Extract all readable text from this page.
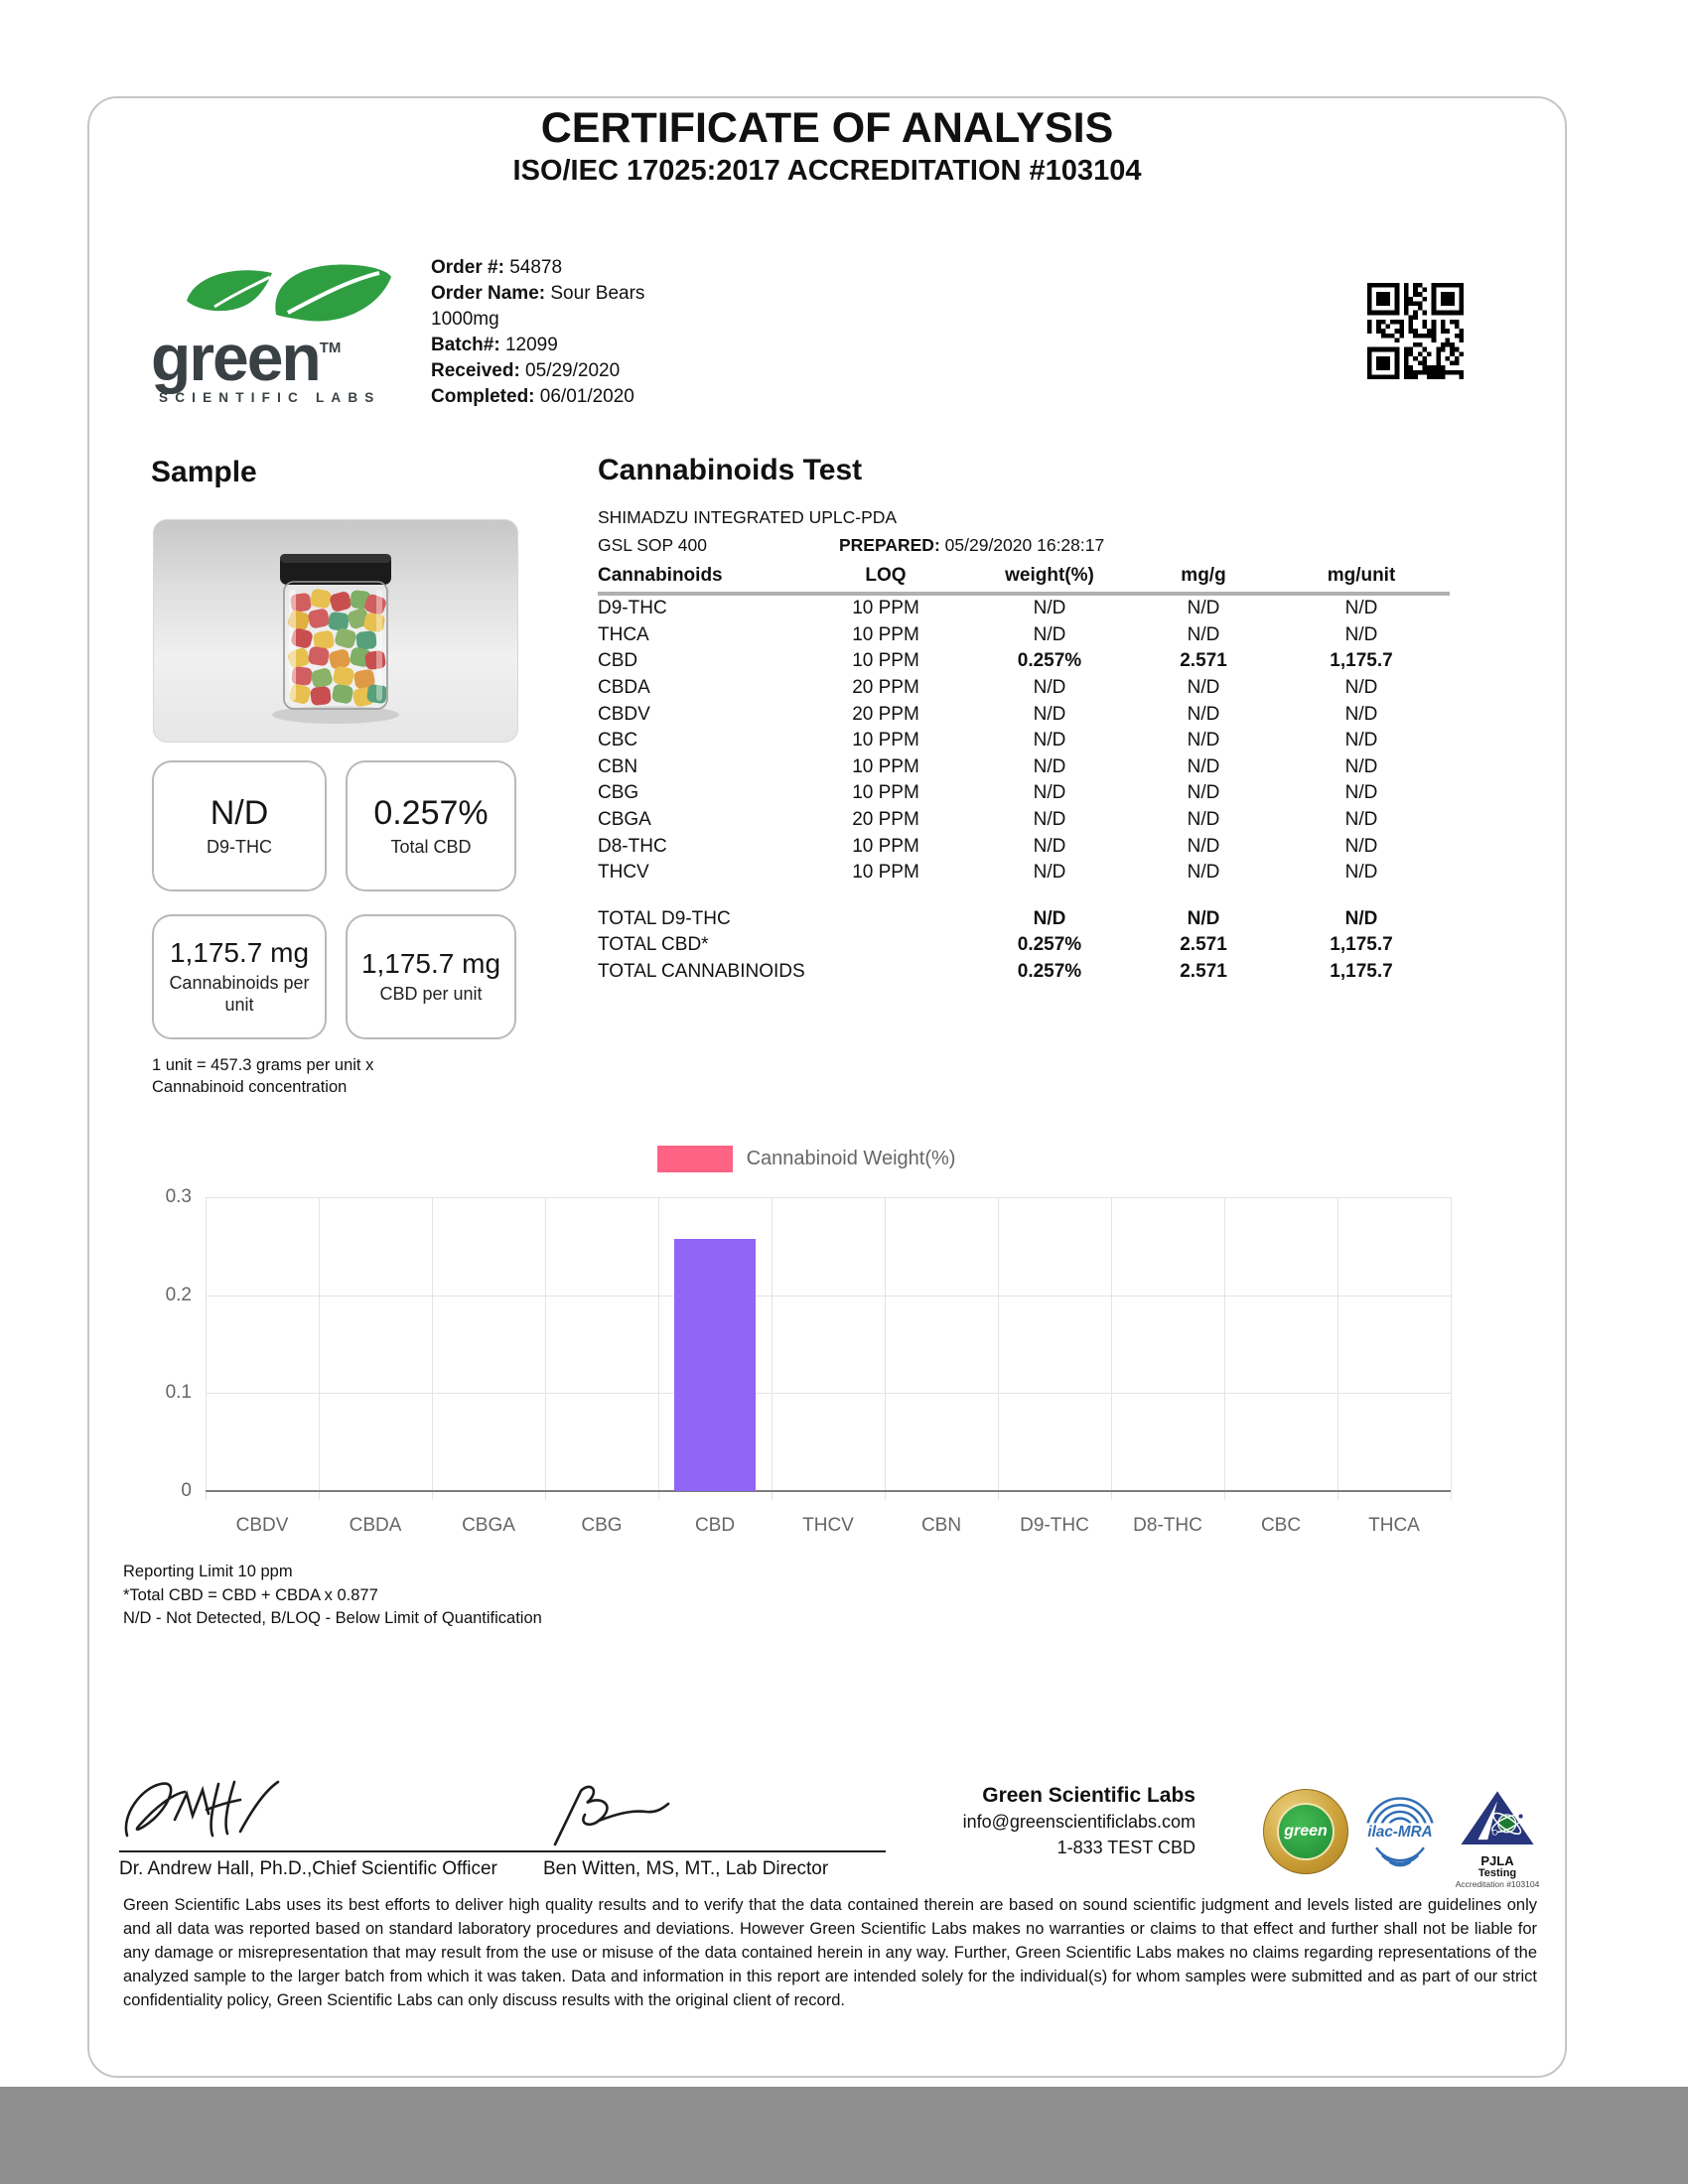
CERTIFICATE OF ANALYSIS
ISO/IEC 17025:2017 ACCREDITATION #103104
green™
SCIENTIFIC LABS
Order #: 54878
Order Name: Sour Bears 1000mg
Batch#: 12099
Received: 05/29/2020
Completed: 06/01/2020
Sample
N/D
D9-THC
0.257%
Total CBD
1,175.7 mg
Cannabinoids per unit
1,175.7 mg
CBD per unit
1 unit = 457.3 grams per unit x Cannabinoid concentration
Cannabinoids Test
SHIMADZU INTEGRATED UPLC-PDA
GSL SOP 400	PREPARED: 05/29/2020 16:28:17
Cannabinoids	LOQ	weight(%)	mg/g	mg/unit
D9-THC	10 PPM	N/D	N/D	N/D
THCA	10 PPM	N/D	N/D	N/D
CBD	10 PPM	0.257%	2.571	1,175.7
CBDA	20 PPM	N/D	N/D	N/D
CBDV	20 PPM	N/D	N/D	N/D
CBC	10 PPM	N/D	N/D	N/D
CBN	10 PPM	N/D	N/D	N/D
CBG	10 PPM	N/D	N/D	N/D
CBGA	20 PPM	N/D	N/D	N/D
D8-THC	10 PPM	N/D	N/D	N/D
THCV	10 PPM	N/D	N/D	N/D

TOTAL D9-THC		N/D	N/D	N/D
TOTAL CBD*		0.257%	2.571	1,175.7
TOTAL CANNABINOIDS		0.257%	2.571	1,175.7
Cannabinoid Weight(%)
0
0.1
0.2
0.3
CBDV	CBDA	CBGA	CBG	CBD	THCV	CBN	D9-THC	D8-THC	CBC	THCA
Reporting Limit 10 ppm
*Total CBD = CBD + CBDA x 0.877
N/D - Not Detected, B/LOQ - Below Limit of Quantification
Dr. Andrew Hall, Ph.D.,Chief Scientific Officer Ben Witten, MS, MT., Lab Director
Green Scientific Labs
info@greenscientificlabs.com
1-833 TEST CBD
green	ilac-MRA
PJLA
Testing
Accreditation #103104
Green Scientific Labs uses its best efforts to deliver high quality results and to verify that the data contained therein are based on sound scientific judgment and levels listed are guidelines only and all data was reported based on standard laboratory procedures and deviations. However Green Scientific Labs makes no warranties or claims to that effect and further shall not be liable for any damage or misrepresentation that may result from the use or misuse of the data contained herein in any way. Further, Green Scientific Labs makes no claims regarding representations of the analyzed sample to the larger batch from which it was taken. Data and information in this report are intended solely for the individual(s) for whom samples were submitted and as part of our strict confidentiality policy, Green Scientific Labs can only discuss results with the original client of record.
